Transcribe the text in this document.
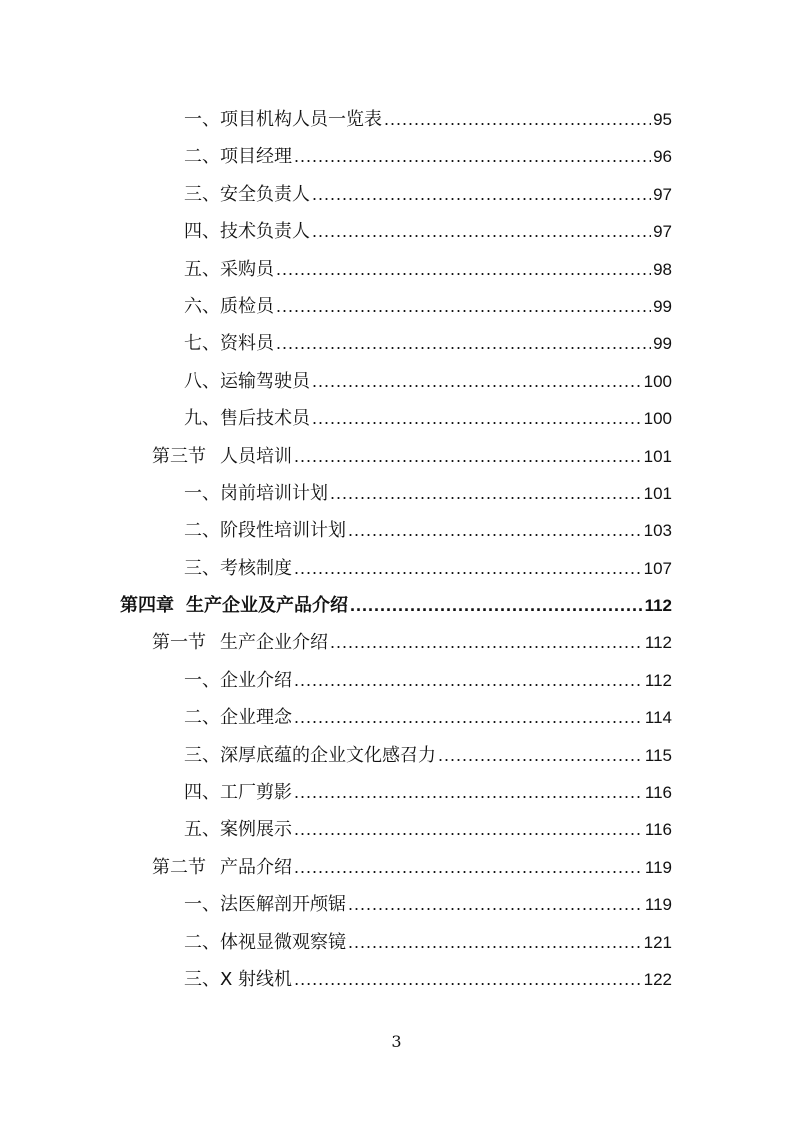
一、 项目机构人员一览表 .....	95
二、 项目经理 .....	96
三、 安全负责人 .....	97
四、 技术负责人 .....	97
五、 采购员 .....	98
六、 质检员 .....	99
七、 资料员 .....	99
八、 运输驾驶员 .....	100
九、 售后技术员 .....	100
第三节 人员培训 .....	101
一、 岗前培训计划 .....	101
二、 阶段性培训计划 .....	103
三、 考核制度 .....	107
第四章 生产企业及产品介绍 .....	112
第一节 生产企业介绍 .....	112
一、 企业介绍 .....	112
二、 企业理念 .....	114
三、 深厚底蕴的企业文化感召力 .....	115
四、 工厂剪影 .....	116
五、 案例展示 .....	116
第二节 产品介绍 .....	119
一、 法医解剖开颅锯 .....	119
二、 体视显微观察镜 .....	121
三、 X 射线机 .....	122
3
